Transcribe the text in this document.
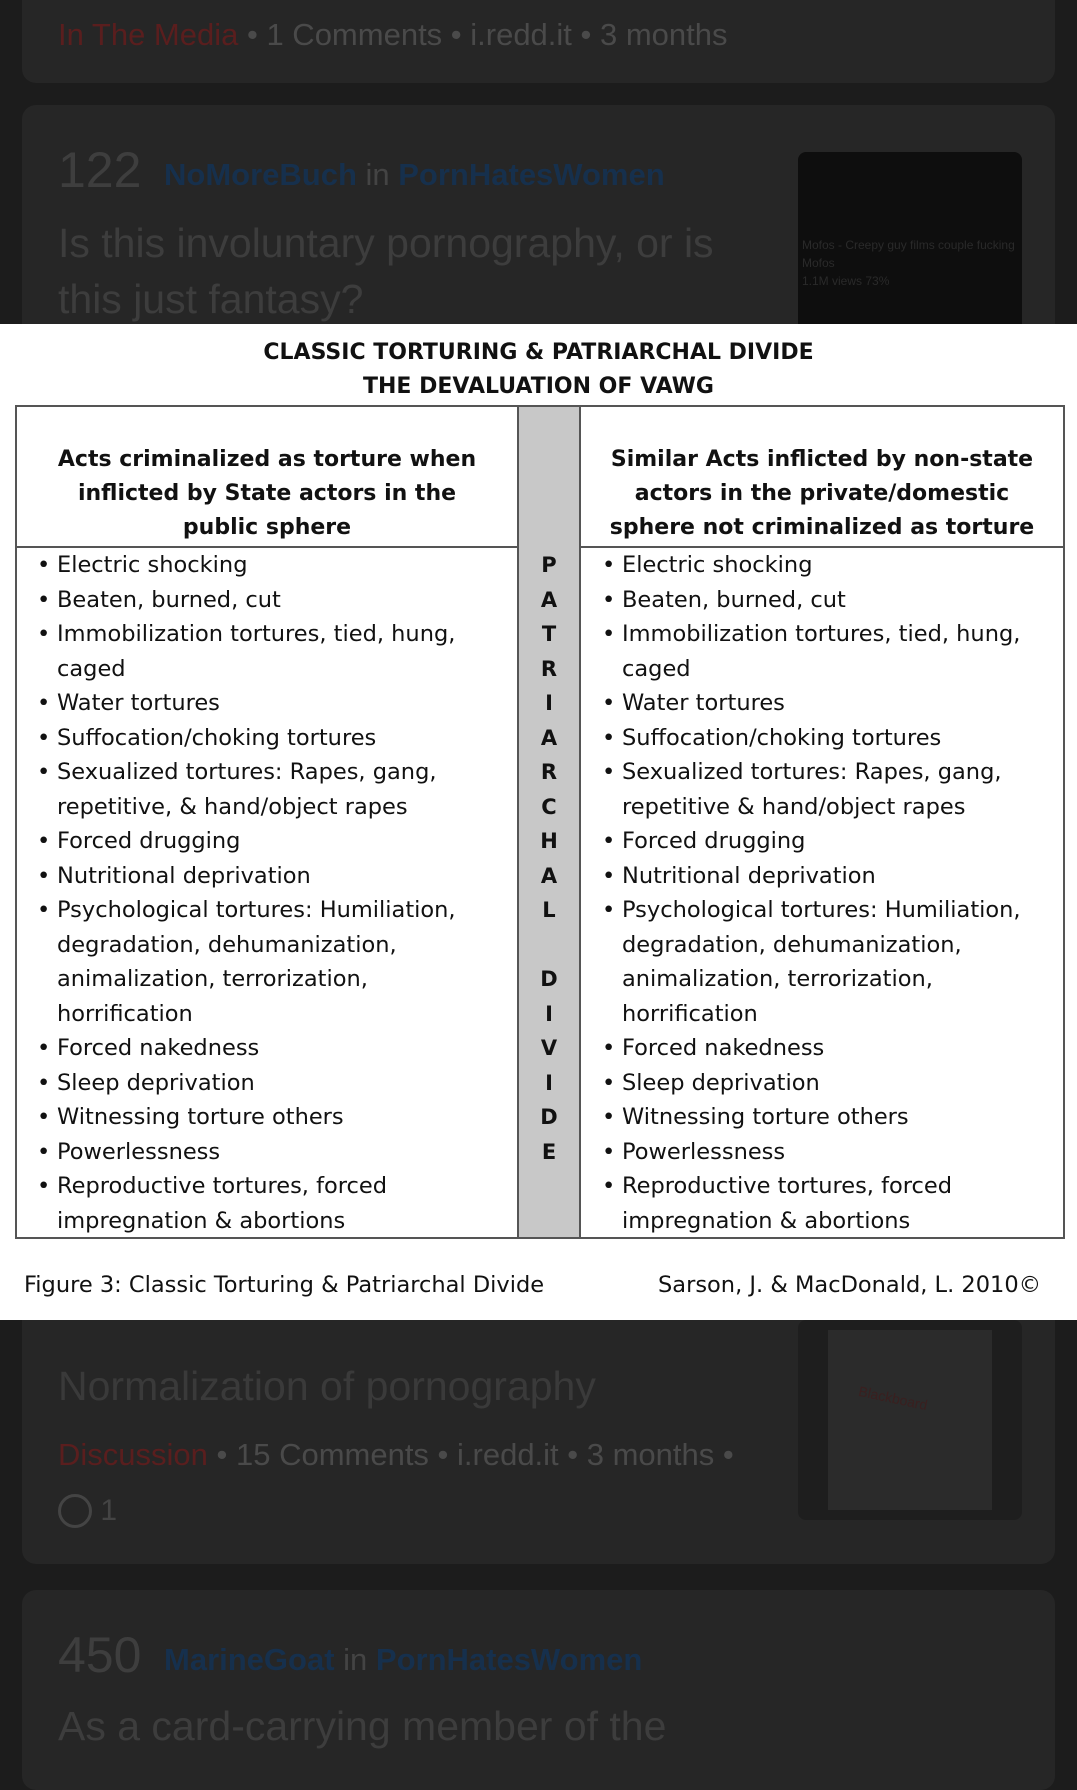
In The Media • 1 Comments • i.redd.it • 3 months
122 NoMoreBuch in PornHatesWomen
Is this involuntary pornography, or is this just fantasy?
Mofos - Creepy guy films couple fucking
Mofos
1.1M views 73%
Normalization of pornography
Discussion • 15 Comments • i.redd.it • 3 months •
1
Blackboard
450 MarineGoat in PornHatesWomen
As a card-carrying member of the
CLASSIC TORTURING & PATRIARCHAL DIVIDE
THE DEVALUATION OF VAWG
Acts criminalized as torture when inflicted by State actors in the public sphere
Similar Acts inflicted by non-state actors in the private/domestic sphere not criminalized as torture
• Electric shocking
• Beaten, burned, cut
• Immobilization tortures, tied, hung, caged
• Water tortures
• Suffocation/choking tortures
• Sexualized tortures: Rapes, gang, repetitive, & hand/object rapes
• Forced drugging
• Nutritional deprivation
• Psychological tortures: Humiliation, degradation, dehumanization, animalization, terrorization, horrification
• Forced nakedness
• Sleep deprivation
• Witnessing torture others
• Powerlessness
• Reproductive tortures, forced impregnation & abortions
P
A
T
R
I
A
R
C
H
A
L

D
I
V
I
D
E
• Electric shocking
• Beaten, burned, cut
• Immobilization tortures, tied, hung, caged
• Water tortures
• Suffocation/choking tortures
• Sexualized tortures: Rapes, gang, repetitive & hand/object rapes
• Forced drugging
• Nutritional deprivation
• Psychological tortures: Humiliation, degradation, dehumanization, animalization, terrorization, horrification
• Forced nakedness
• Sleep deprivation
• Witnessing torture others
• Powerlessness
• Reproductive tortures, forced impregnation & abortions
Figure 3: Classic Torturing & Patriarchal Divide	Sarson, J. & MacDonald, L. 2010©
